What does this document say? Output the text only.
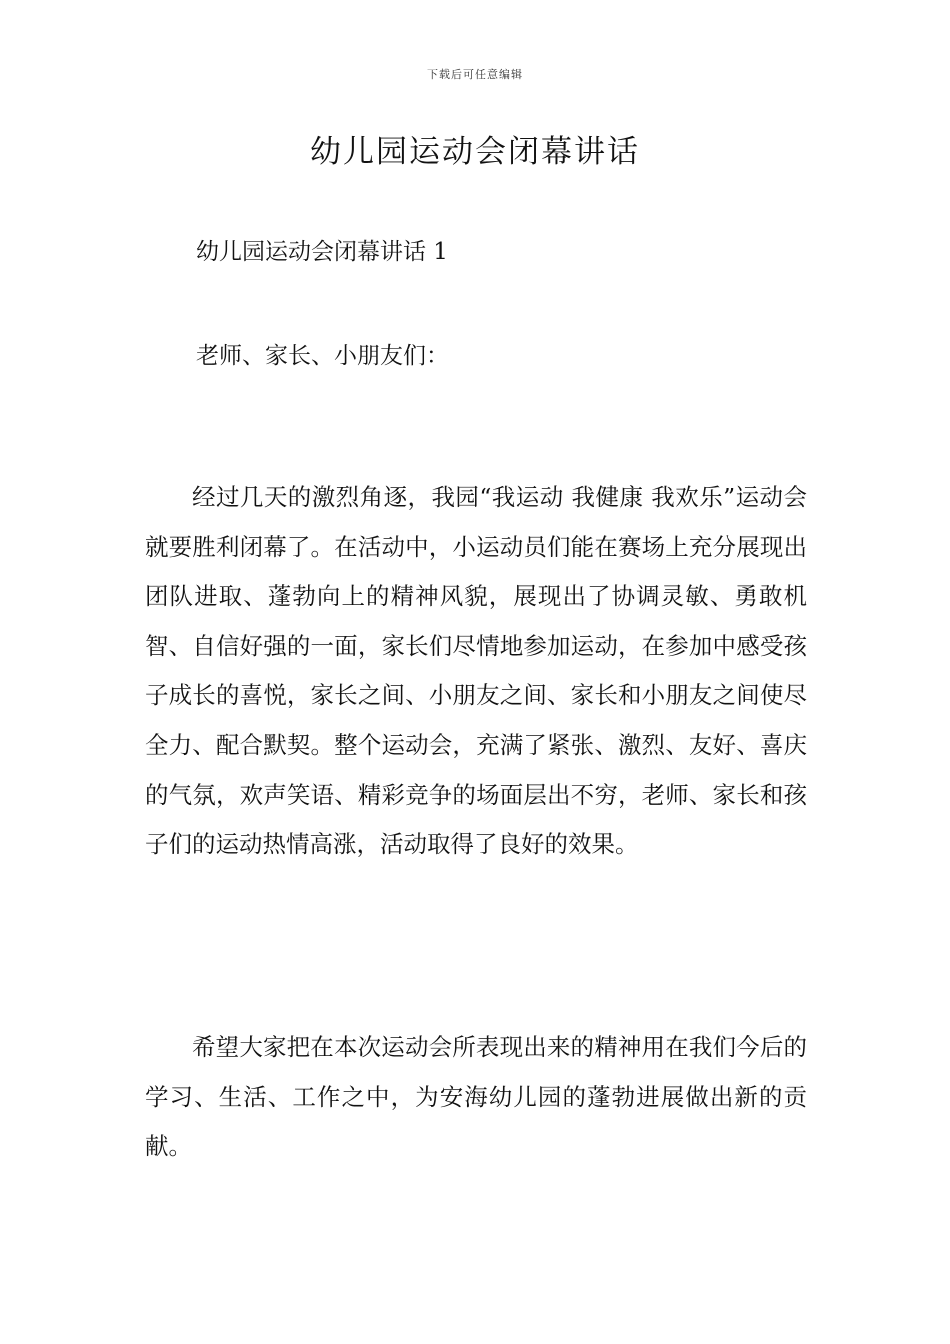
下载后可任意编辑
幼儿园运动会闭幕讲话
幼儿园运动会闭幕讲话 1
老师、家长、小朋友们：

经过几天的激烈角逐，我园“我运动 我健康 我欢乐”运动会就要胜利闭幕了。在活动中，小运动员们能在赛场上充分展现出团队进取、蓬勃向上的精神风貌，展现出了协调灵敏、勇敢机智、自信好强的一面，家长们尽情地参加运动，在参加中感受孩子成长的喜悦，家长之间、小朋友之间、家长和小朋友之间使尽全力、配合默契。整个运动会，充满了紧张、激烈、友好、喜庆的气氛，欢声笑语、精彩竞争的场面层出不穷，老师、家长和孩子们的运动热情高涨，活动取得了良好的效果。

希望大家把在本次运动会所表现出来的精神用在我们今后的学习、生活、工作之中，为安海幼儿园的蓬勃进展做出新的贡献。
